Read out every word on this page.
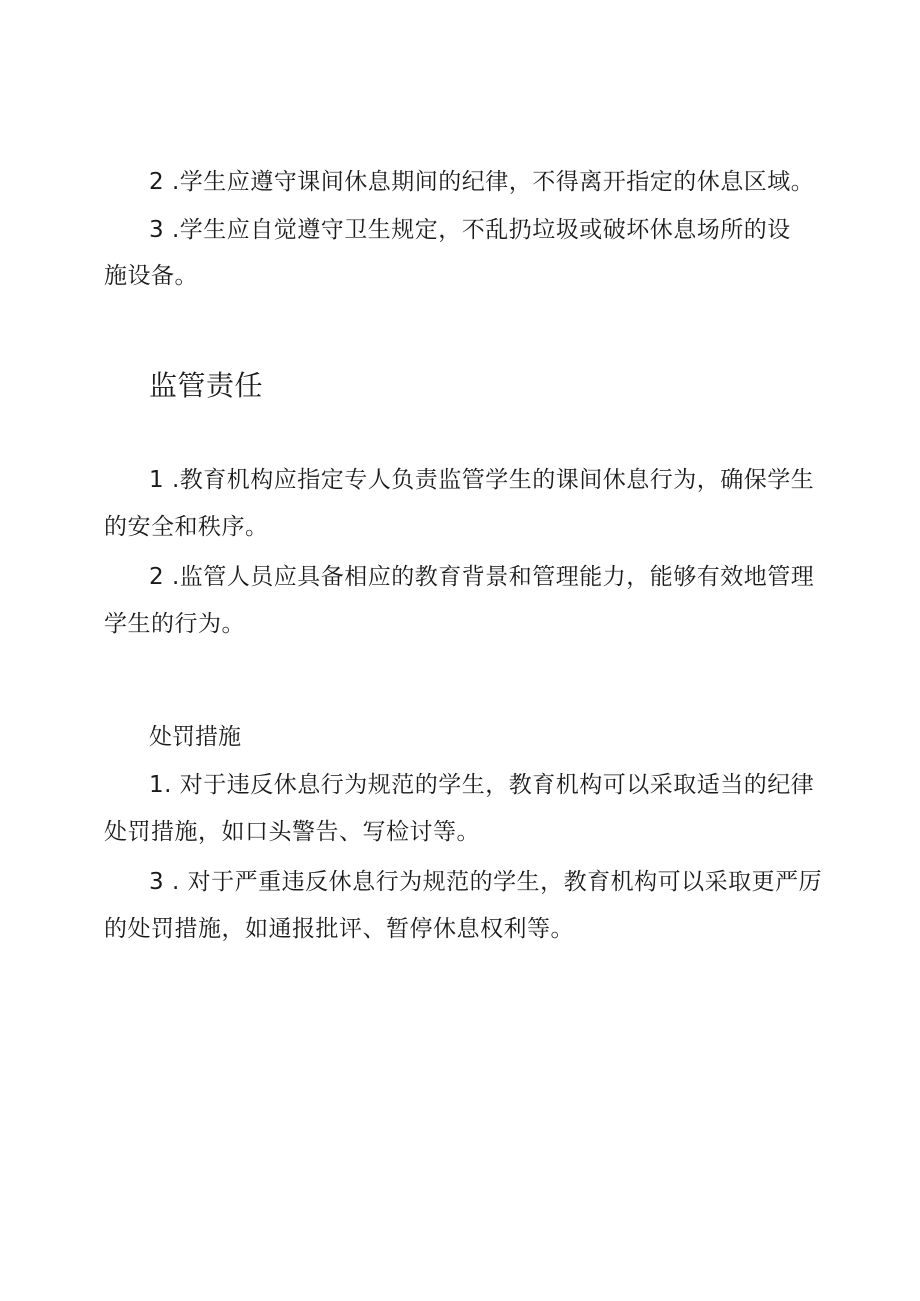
2 .学生应遵守课间休息期间的纪律，不得离开指定的休息区域。
3 .学生应自觉遵守卫生规定，不乱扔垃圾或破坏休息场所的设
施设备。
监管责任
1 .教育机构应指定专人负责监管学生的课间休息行为，确保学生
的安全和秩序。
2 .监管人员应具备相应的教育背景和管理能力，能够有效地管理
学生的行为。
处罚措施
1. 对于违反休息行为规范的学生，教育机构可以采取适当的纪律
处罚措施，如口头警告、写检讨等。
3 . 对于严重违反休息行为规范的学生，教育机构可以采取更严厉
的处罚措施，如通报批评、暂停休息权利等。
